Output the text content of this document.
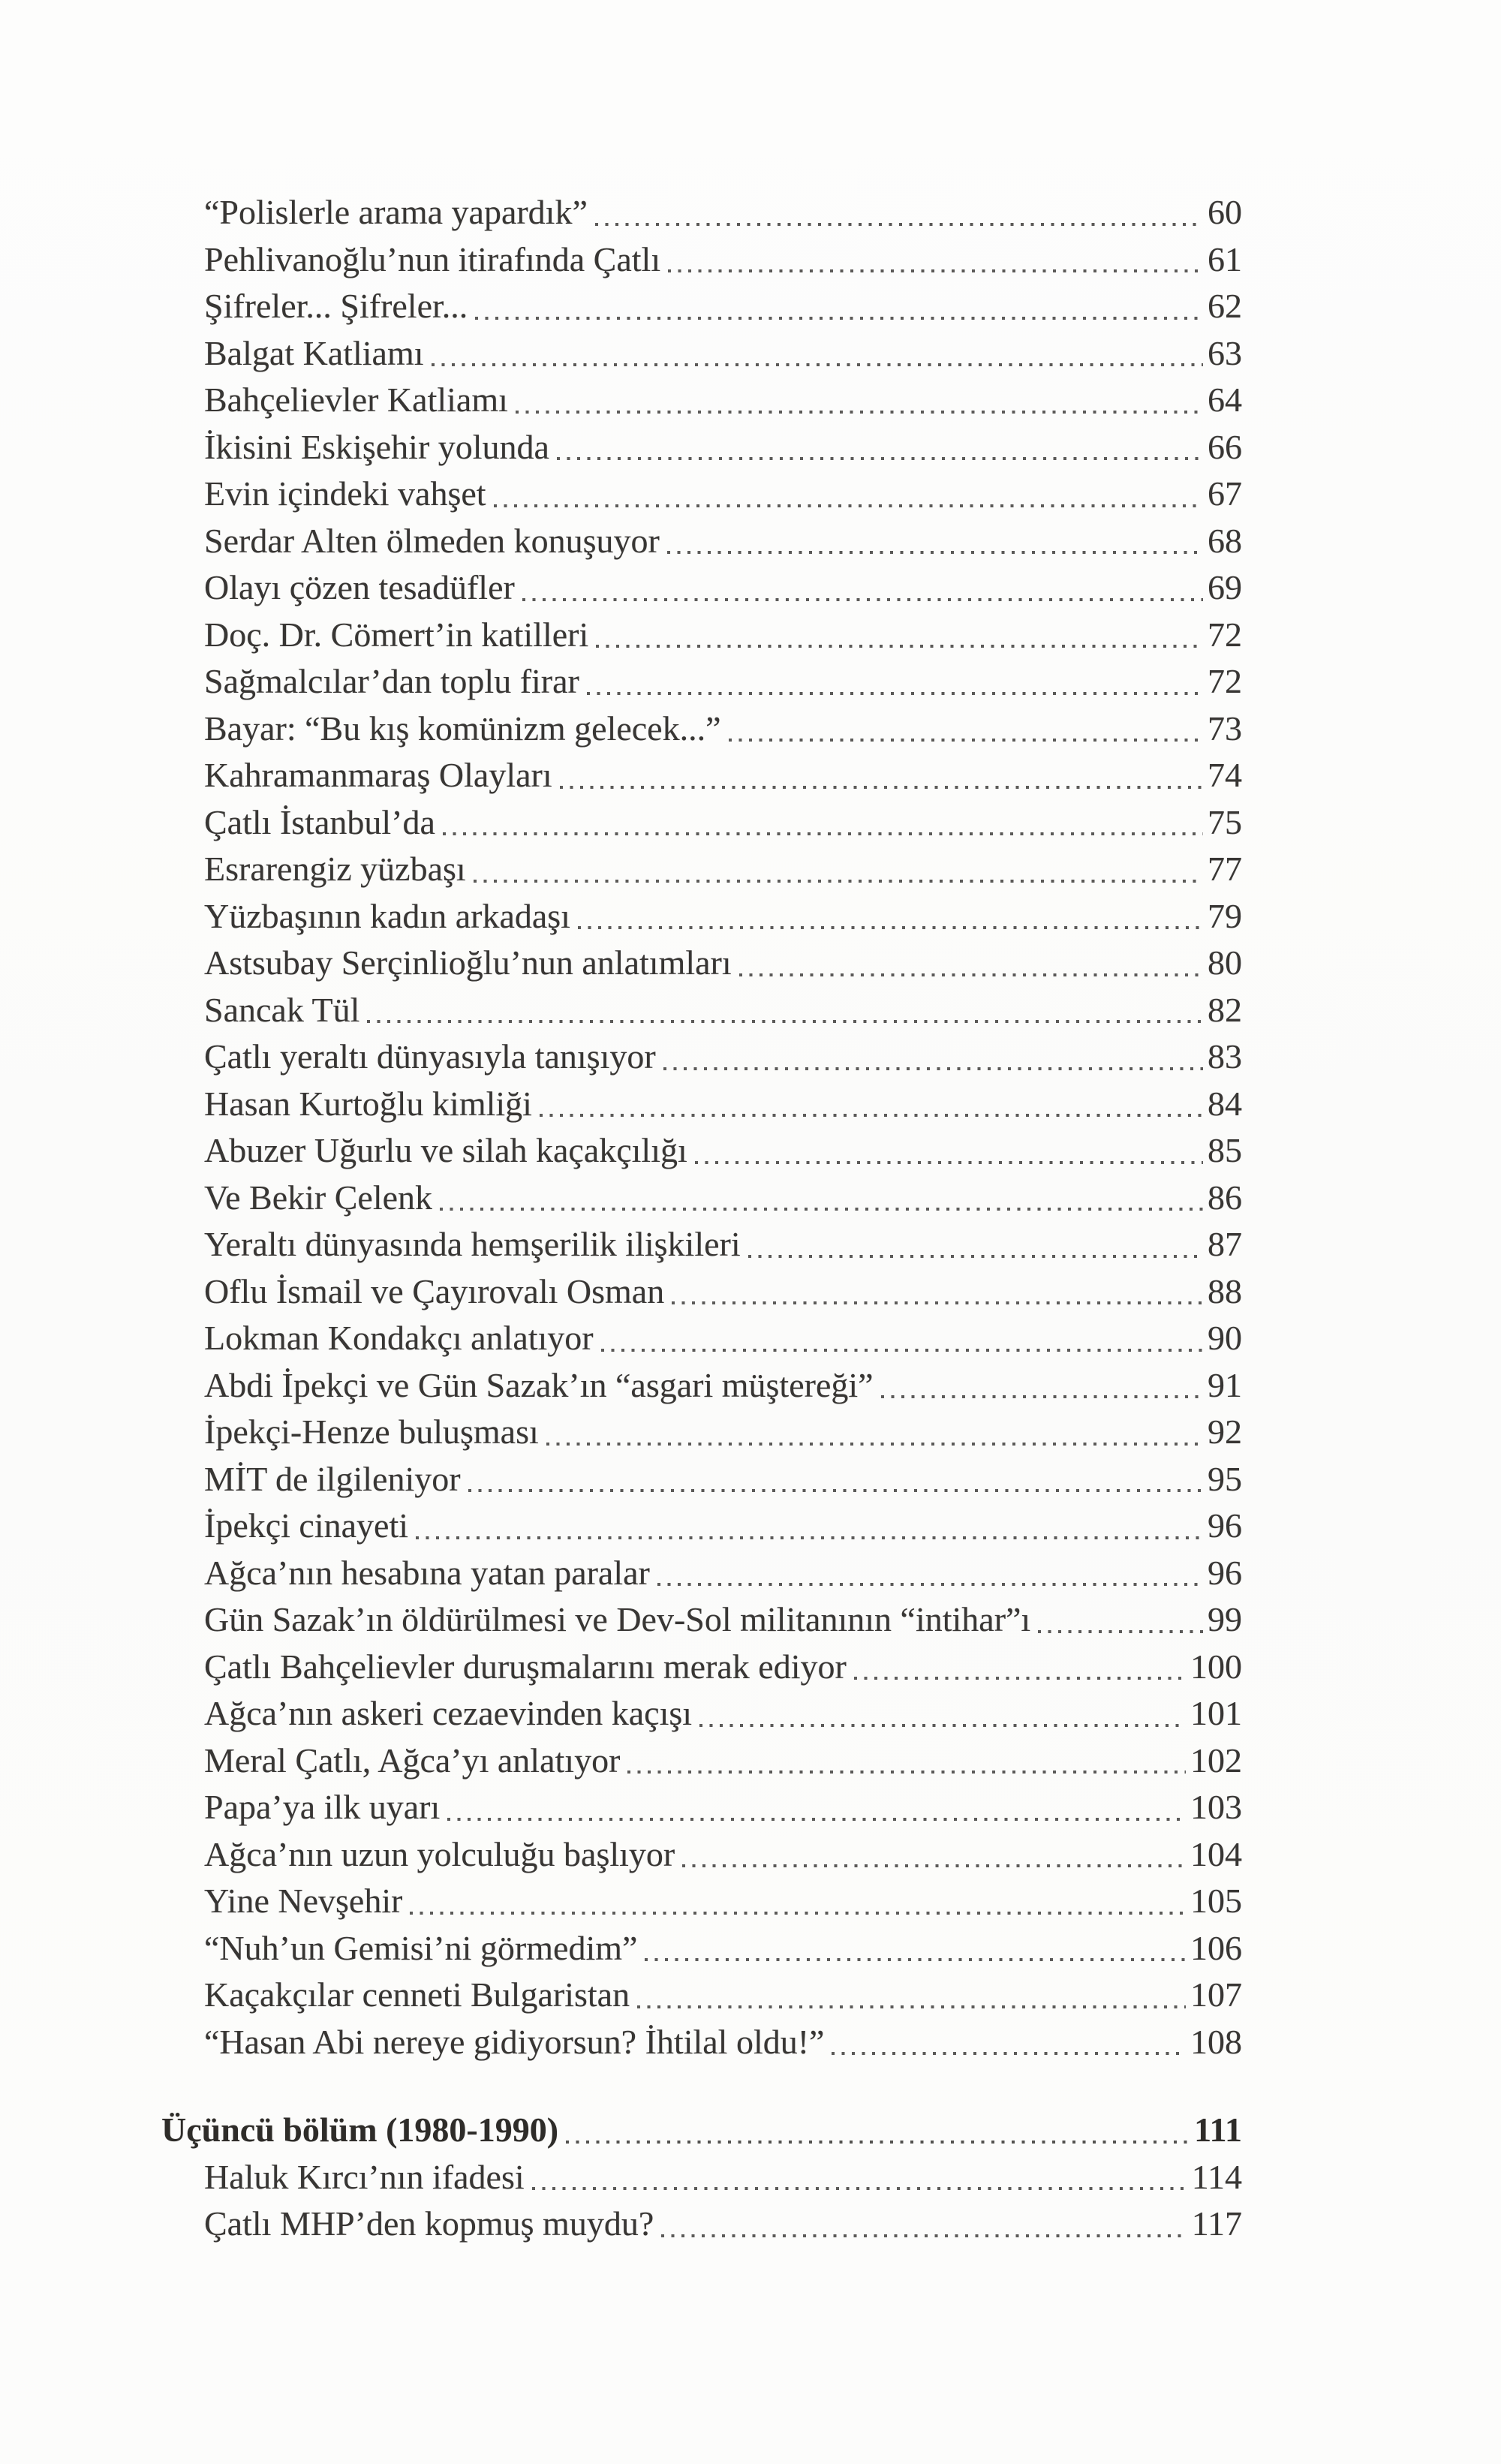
“Polislerle arama yapardık”	60
Pehlivanoğlu’nun itirafında Çatlı	61
Şifreler... Şifreler...	62
Balgat Katliamı	63
Bahçelievler Katliamı	64
İkisini Eskişehir yolunda	66
Evin içindeki vahşet	67
Serdar Alten ölmeden konuşuyor	68
Olayı çözen tesadüfler	69
Doç. Dr. Cömert’in katilleri	72
Sağmalcılar’dan toplu firar	72
Bayar: “Bu kış komünizm gelecek...”	73
Kahramanmaraş Olayları	74
Çatlı İstanbul’da	75
Esrarengiz yüzbaşı	77
Yüzbaşının kadın arkadaşı	79
Astsubay Serçinlioğlu’nun anlatımları	80
Sancak Tül	82
Çatlı yeraltı dünyasıyla tanışıyor	83
Hasan Kurtoğlu kimliği	84
Abuzer Uğurlu ve silah kaçakçılığı	85
Ve Bekir Çelenk	86
Yeraltı dünyasında hemşerilik ilişkileri	87
Oflu İsmail ve Çayırovalı Osman	88
Lokman Kondakçı anlatıyor	90
Abdi İpekçi ve Gün Sazak’ın “asgari müştereği”	91
İpekçi-Henze buluşması	92
MİT de ilgileniyor	95
İpekçi cinayeti	96
Ağca’nın hesabına yatan paralar	96
Gün Sazak’ın öldürülmesi ve Dev-Sol militanının “intihar”ı	99
Çatlı Bahçelievler duruşmalarını merak ediyor	100
Ağca’nın askeri cezaevinden kaçışı	101
Meral Çatlı, Ağca’yı anlatıyor	102
Papa’ya ilk uyarı	103
Ağca’nın uzun yolculuğu başlıyor	104
Yine Nevşehir	105
“Nuh’un Gemisi’ni görmedim”	106
Kaçakçılar cenneti Bulgaristan	107
“Hasan Abi nereye gidiyorsun? İhtilal oldu!”	108
Üçüncü bölüm (1980-1990)	111
Haluk Kırcı’nın ifadesi	114
Çatlı MHP’den kopmuş muydu?	117
